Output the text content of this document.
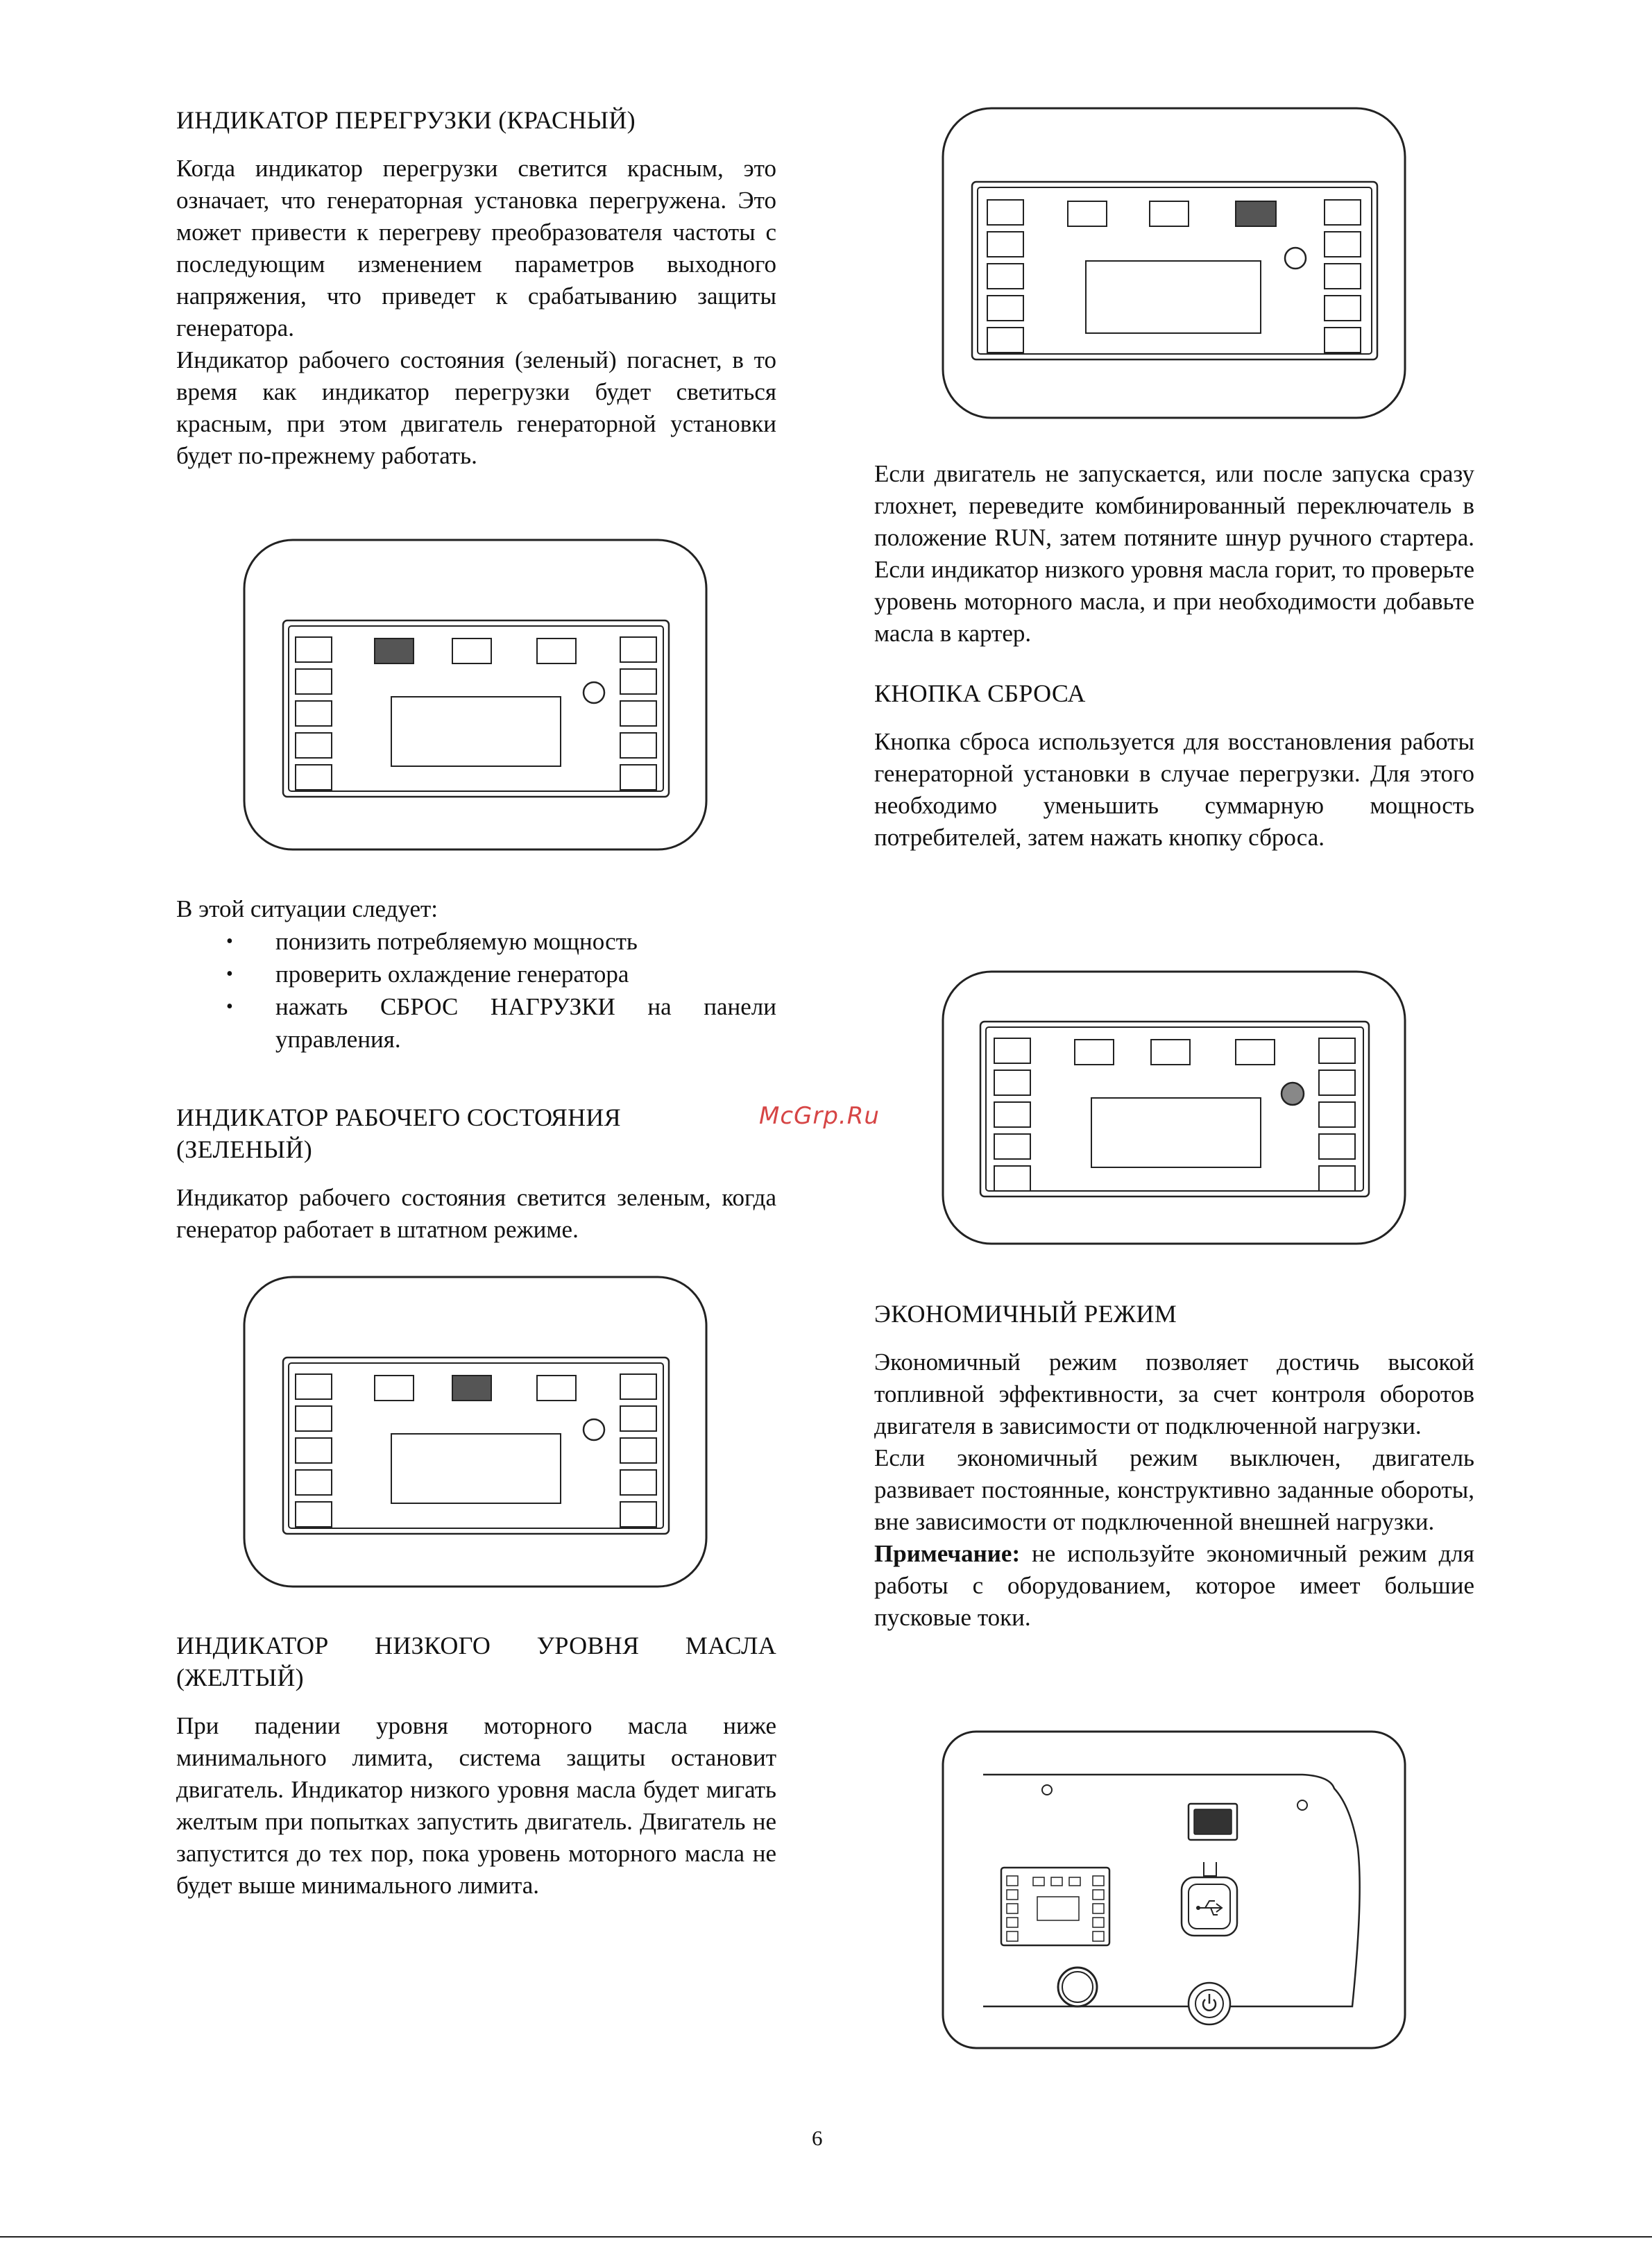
ИНДИКАТОР ПЕРЕГРУЗКИ (КРАСНЫЙ)

Когда индикатор перегрузки светится красным, это означает, что генераторная установка перегружена. Это может привести к перегреву преобразователя частоты с последующим изменением параметров выходного напряжения, что приведет к срабатыванию защиты генератора.

Индикатор рабочего состояния (зеленый) погаснет, в то время как индикатор перегрузки будет светиться красным, при этом двигатель генераторной установки будет по-прежнему работать.

В этой ситуации следует:

• понизить потребляемую мощность
• проверить охлаждение генератора
• нажать СБРОС НАГРУЗКИ на панели управления.
ИНДИКАТОР РАБОЧЕГО СОСТОЯНИЯ (ЗЕЛЕНЫЙ)

Индикатор рабочего состояния светится зеленым, когда генератор работает в штатном режиме.

ИНДИКАТОР НИЗКОГО УРОВНЯ МАСЛА (ЖЕЛТЫЙ)

При падении уровня моторного масла ниже минимального лимита, система защиты остановит двигатель. Индикатор низкого уровня масла будет мигать желтым при попытках запустить двигатель. Двигатель не запустится до тех пор, пока уровень моторного масла не будет выше минимального лимита.

Если двигатель не запускается, или после запуска сразу глохнет, переведите комбинированный переключатель в положение RUN, затем потяните шнур ручного стартера. Если индикатор низкого уровня масла горит, то проверьте уровень моторного масла, и при необходимости добавьте масла в картер.

КНОПКА СБРОСА

Кнопка сброса используется для восстановления работы генераторной установки в случае перегрузки. Для этого необходимо уменьшить суммарную мощность потребителей, затем нажать кнопку сброса.

ЭКОНОМИЧНЫЙ РЕЖИМ

Экономичный режим позволяет достичь высокой топливной эффективности, за счет контроля оборотов двигателя в зависимости от подключенной нагрузки.

Если экономичный режим выключен, двигатель развивает постоянные, конструктивно заданные обороты, вне зависимости от подключенной внешней нагрузки.

Примечание: не используйте экономичный режим для работы с оборудованием, которое имеет большие пусковые токи.

McGrp.Ru
6
